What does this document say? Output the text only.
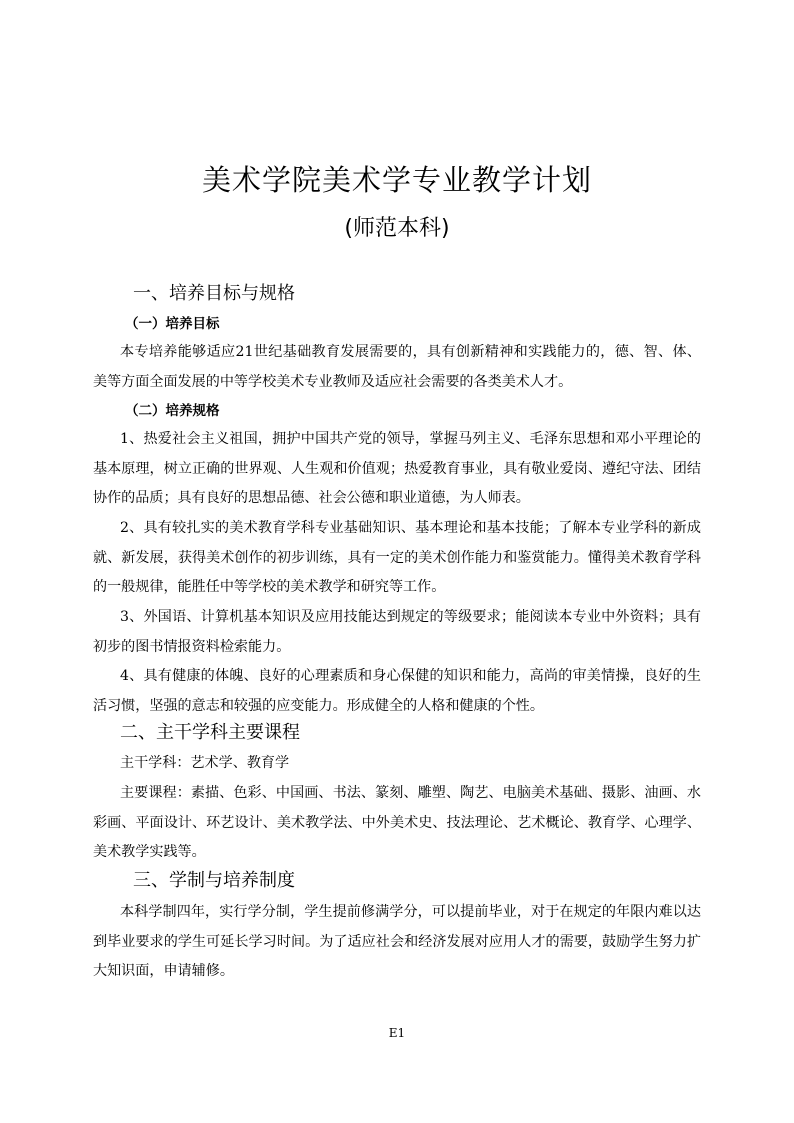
美术学院美术学专业教学计划
(师范本科)
一、培养目标与规格
（一）培养目标
本专培养能够适应21世纪基础教育发展需要的，具有创新精神和实践能力的，德、智、体、美等方面全面发展的中等学校美术专业教师及适应社会需要的各类美术人才。
（二）培养规格
1、热爱社会主义祖国，拥护中国共产党的领导，掌握马列主义、毛泽东思想和邓小平理论的基本原理，树立正确的世界观、人生观和价值观；热爱教育事业，具有敬业爱岗、遵纪守法、团结协作的品质；具有良好的思想品德、社会公德和职业道德，为人师表。
2、具有较扎实的美术教育学科专业基础知识、基本理论和基本技能；了解本专业学科的新成就、新发展，获得美术创作的初步训练，具有一定的美术创作能力和鉴赏能力。懂得美术教育学科的一般规律，能胜任中等学校的美术教学和研究等工作。
3、外国语、计算机基本知识及应用技能达到规定的等级要求；能阅读本专业中外资料；具有初步的图书情报资料检索能力。
4、具有健康的体魄、良好的心理素质和身心保健的知识和能力，高尚的审美情操，良好的生活习惯，坚强的意志和较强的应变能力。形成健全的人格和健康的个性。
二、主干学科主要课程
主干学科：艺术学、教育学
主要课程：素描、色彩、中国画、书法、篆刻、雕塑、陶艺、电脑美术基础、摄影、油画、水彩画、平面设计、环艺设计、美术教学法、中外美术史、技法理论、艺术概论、教育学、心理学、美术教学实践等。
三、学制与培养制度
本科学制四年，实行学分制，学生提前修满学分，可以提前毕业，对于在规定的年限内难以达到毕业要求的学生可延长学习时间。为了适应社会和经济发展对应用人才的需要，鼓励学生努力扩大知识面，申请辅修。
E1
